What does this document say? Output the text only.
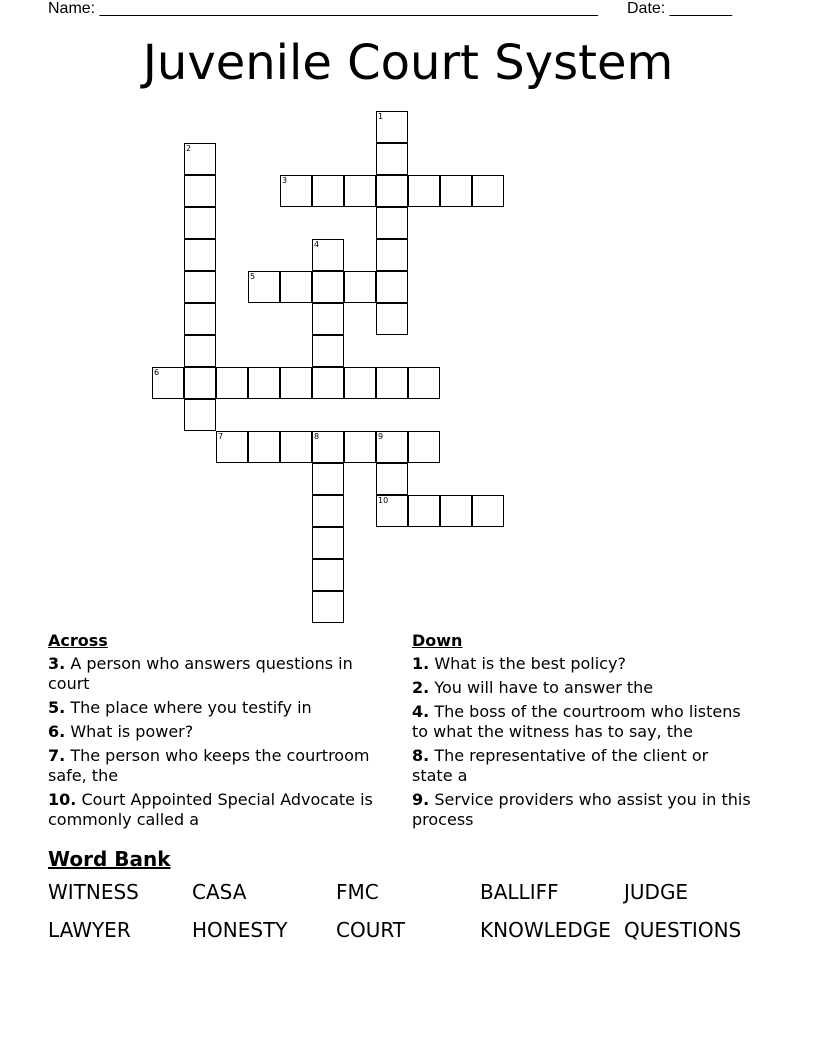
Name: ________________________________________________________ Date: _______
Juvenile Court System
1
2
3
4
5
6
7	8	9
10
Across
3. A person who answers questions in court
5. The place where you testify in
6. What is power?
7. The person who keeps the courtroom safe, the
10. Court Appointed Special Advocate is commonly called a
Down
1. What is the best policy?
2. You will have to answer the
4. The boss of the courtroom who listens to what the witness has to say, the
8. The representative of the client or state a
9. Service providers who assist you in this process
Word Bank
WITNESS	CASA	FMC	BALLIFF	JUDGE
LAWYER	HONESTY	COURT	KNOWLEDGE QUESTIONS
